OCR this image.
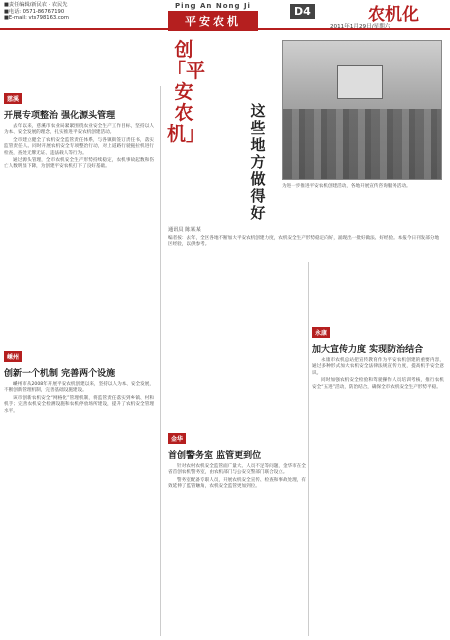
■责任编辑/新民农 · 农民先
■电话: 0571-86767190
■E-mail: vts798163.com
Ping An Nong Ji
平安农机
D4	农机化
2011年1月29日/星期六
创「平安农机」
这些地方做得好
为进一步推进平安农机创建活动，各地开展宣传咨询服务活动。
通讯员 陈某某
编者按：去年，全区各地不断加大平安农机创建力度，农机安全生产形势稳定向好，涌现出一批好做法、好经验。本报今日刊发部分地区经验，以供参考。
慈溪
开展专项整治 强化源头管理

去年以来，慈溪市农业局紧紧围绕农业安全生产工作目标，坚持以人为本、安全发展的理念，扎实推进平安农机创建活动。

全市建立健全了农机安全监管责任体系，与各镇街签订责任书，落实监管责任人。同时开展农机安全专项整治行动，对上道路行驶拖拉机进行检查，查处无牌无证、违法载人等行为。

通过源头管理，全市农机安全生产形势持续稳定，农机事故起数和伤亡人数明显下降，为创建平安农机打下了良好基础。

嵊州
创新一个机制 完善两个设施

嵊州市从2008年开展平安农机创建以来，坚持以人为本、安全发展，不断创新管理机制，完善基础设施建设。

该市创新农机安全“网格化”管理机制，将监管责任落实到乡镇、村和机手；完善农机安全检测设施和农机停放场所建设，提升了农机安全管理水平。

金华
首创警务室 监管更到位

针对农村农机安全监管面广量大、人员不足等问题，金华市在全省首创农机警务室，由农机部门与公安交警部门联合设立。

警务室配备专职人员，开展农机安全宣传、检查和事故处理，有效延伸了监管触角，农机安全监管更加到位。

永康
加大宣传力度 实现防治结合

永康市农机总站把宣传教育作为平安农机创建的重要内容，通过多种形式加大农机安全法律法规宣传力度，提高机手安全意识。

同时加强农机安全检验和驾驶操作人员培训考核，推行农机安全“五进”活动，防治结合，确保全市农机安全生产形势平稳。
